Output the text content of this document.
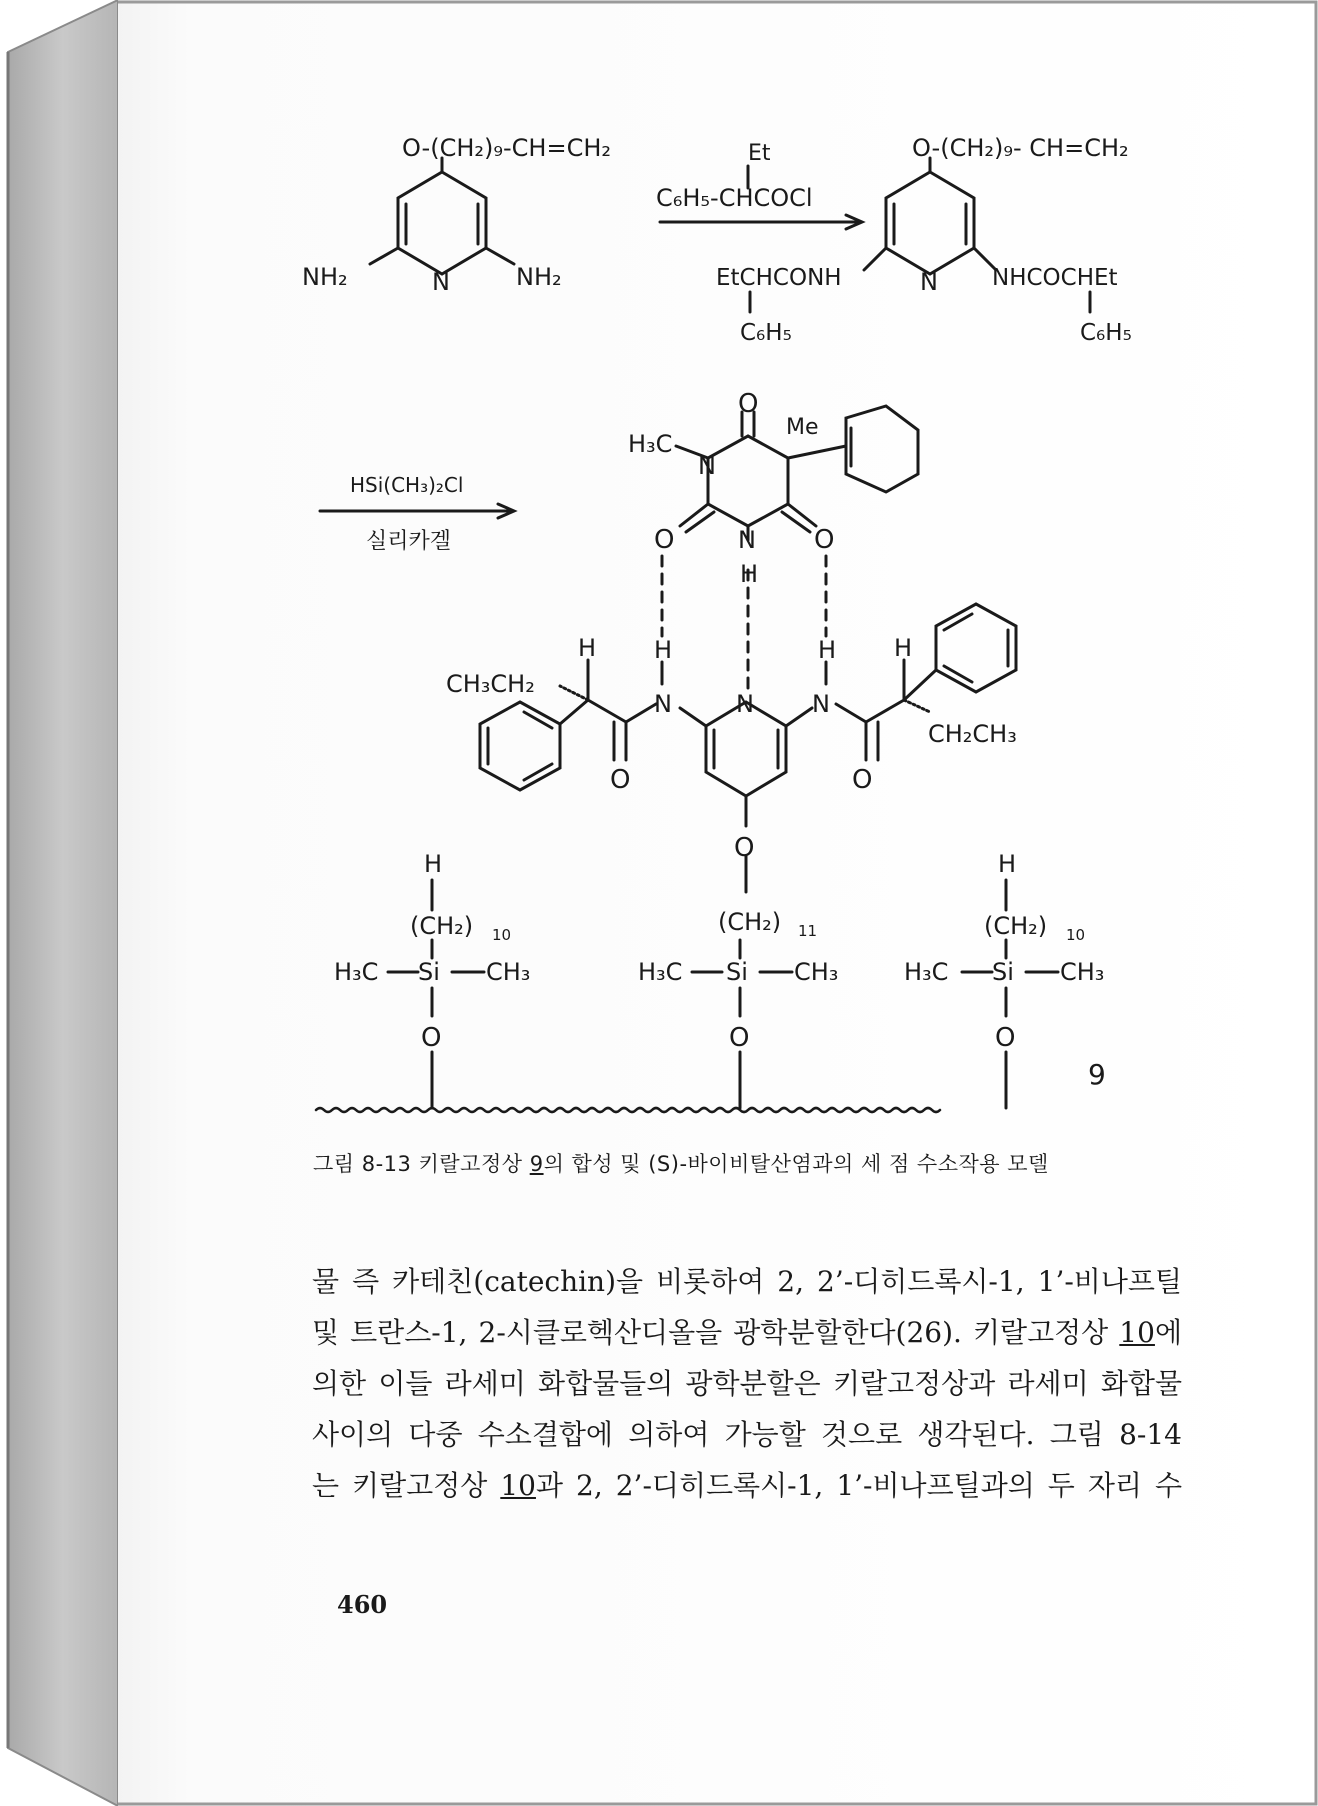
O-(CH₂)₉-CH=CH₂
NH₂	N	NH₂
Et
C₆H₅-CHCOCl
O-(CH₂)₉- CH=CH₂
EtCHCONH	N NHCOCHEt
C₆H₅	C₆H₅
HSi(CH₃)₂Cl
실리카겔
H₃C
N
Me
O
O	N O
H
CH₃CH₂
CH₂CH₃
H H	H H
N	N N
O	O
O
H
(CH₂) 10
H₃C Si CH₃
O
(CH₂) 11
H₃C Si CH₃
O
H
(CH₂) 10
H₃C Si CH₃
O
9
그림 8-13 키랄고정상 9의 합성 및 (S)-바이비탈산염과의 세 점 수소작용 모델

물 즉 카테친(catechin)을 비롯하여 2, 2’-디히드록시-1, 1’-비나프틸

및 트란스-1, 2-시클로헥산디올을 광학분할한다(26). 키랄고정상 10에

의한 이들 라세미 화합물들의 광학분할은 키랄고정상과 라세미 화합물

사이의 다중 수소결합에 의하여 가능할 것으로 생각된다. 그림 8-14

는 키랄고정상 10과 2, 2’-디히드록시-1, 1’-비나프틸과의 두 자리 수

460
